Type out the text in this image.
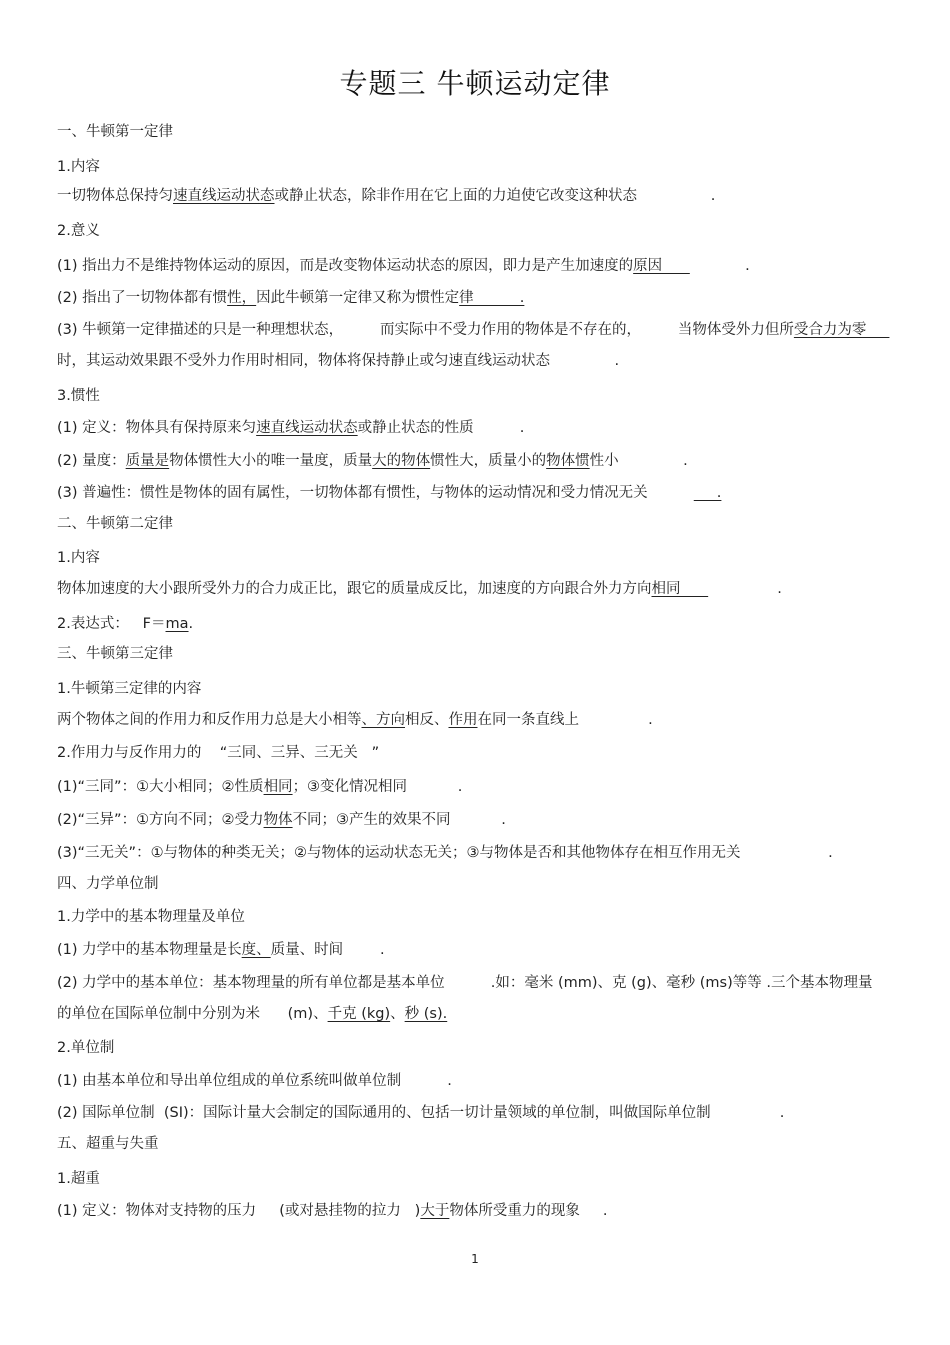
专题三 牛顿运动定律
一、牛顿第一定律
1.内容
一切物体总保持匀速直线运动状态或静止状态，除非作用在它上面的力迫使它改变这种状态                .
2.意义
(1) 指出力不是维持物体运动的原因，而是改变物体运动状态的原因，即力是产生加速度的原因                  .
(2) 指出了一切物体都有惯性，因此牛顿第一定律又称为惯性定律          .
(3) 牛顿第一定律描述的只是一种理想状态，        而实际中不受力作用的物体是不存在的，        当物体受外力但所受合力为零
时，其运动效果跟不受外力作用时相同，物体将保持静止或匀速直线运动状态              .
3.惯性
(1) 定义：物体具有保持原来匀速直线运动状态或静止状态的性质          .
(2) 量度：质量是物体惯性大小的唯一量度，质量大的物体惯性大，质量小的物体惯性小              .
(3) 普遍性：惯性是物体的固有属性，一切物体都有惯性，与物体的运动情况和受力情况无关	.
二、牛顿第二定律
1.内容
物体加速度的大小跟所受外力的合力成正比，跟它的质量成反比，加速度的方向跟合外力方向相同                     .
2.表达式：   F＝ma.
三、牛顿第三定律
1.牛顿第三定律的内容
两个物体之间的作用力和反作用力总是大小相等、方向相反、作用在同一条直线上               .
2.作用力与反作用力的    “三同、三异、三无关   ”
(1)“三同”：①大小相同；②性质相同；③变化情况相同           .
(2)“三异”：①方向不同；②受力物体不同；③产生的效果不同           .
(3)“三无关”：①与物体的种类无关；②与物体的运动状态无关；③与物体是否和其他物体存在相互作用无关                   .
四、力学单位制
1.力学中的基本物理量及单位
(1) 力学中的基本物理量是长度、质量、时间        .
(2) 力学中的基本单位：基本物理量的所有单位都是基本单位          .如：毫米 (mm)、克 (g)、毫秒 (ms)等等 .三个基本物理量
的单位在国际单位制中分别为米      (m)、千克 (kg)、秒 (s).
2.单位制
(1) 由基本单位和导出单位组成的单位系统叫做单位制          .
(2) 国际单位制  (SI)：国际计量大会制定的国际通用的、包括一切计量领域的单位制，叫做国际单位制               .
五、超重与失重
1.超重
(1) 定义：物体对支持物的压力     (或对悬挂物的拉力   )大于物体所受重力的现象     .
1
